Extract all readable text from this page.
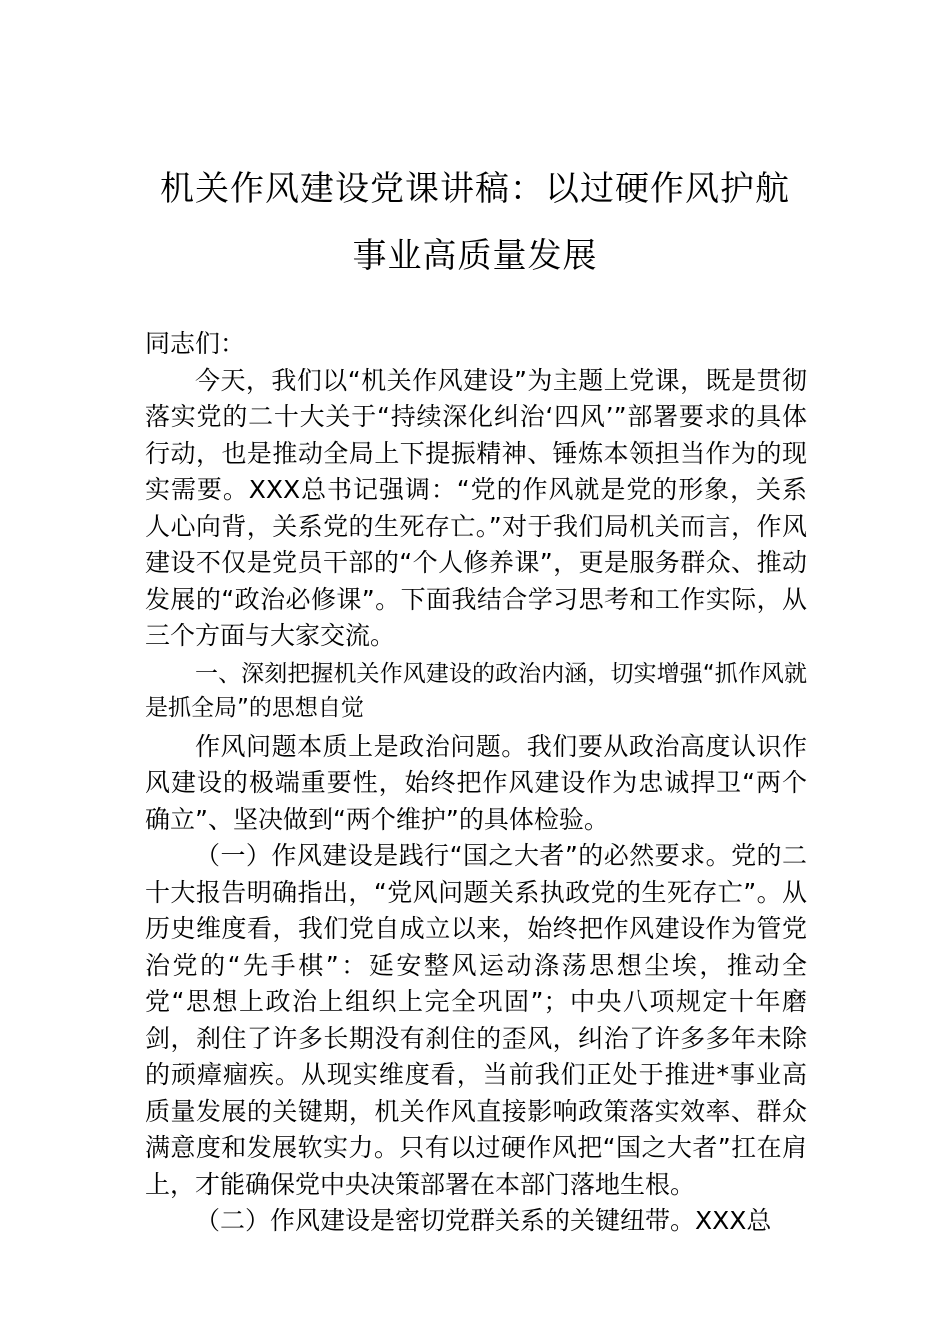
机关作风建设党课讲稿：以过硬作风护航
事业高质量发展

同志们：

今天，我们以“机关作风建设”为主题上党课，既是贯彻落实党的二十大关于“持续深化纠治‘四风’”部署要求的具体行动，也是推动全局上下提振精神、锤炼本领担当作为的现实需要。XXX总书记强调：“党的作风就是党的形象，关系人心向背，关系党的生死存亡。”对于我们局机关而言，作风建设不仅是党员干部的“个人修养课”，更是服务群众、推动发展的“政治必修课”。下面我结合学习思考和工作实际，从三个方面与大家交流。

一、深刻把握机关作风建设的政治内涵，切实增强“抓作风就是抓全局”的思想自觉

作风问题本质上是政治问题。我们要从政治高度认识作风建设的极端重要性，始终把作风建设作为忠诚捍卫“两个确立”、坚决做到“两个维护”的具体检验。

（一）作风建设是践行“国之大者”的必然要求。党的二十大报告明确指出，“党风问题关系执政党的生死存亡”。从历史维度看，我们党自成立以来，始终把作风建设作为管党治党的“先手棋”：延安整风运动涤荡思想尘埃，推动全党“思想上政治上组织上完全巩固”；中央八项规定十年磨剑，刹住了许多长期没有刹住的歪风，纠治了许多多年未除的顽瘴痼疾。从现实维度看，当前我们正处于推进*事业高质量发展的关键期，机关作风直接影响政策落实效率、群众满意度和发展软实力。只有以过硬作风把“国之大者”扛在肩上，才能确保党中央决策部署在本部门落地生根。

（二）作风建设是密切党群关系的关键纽带。XXX总
